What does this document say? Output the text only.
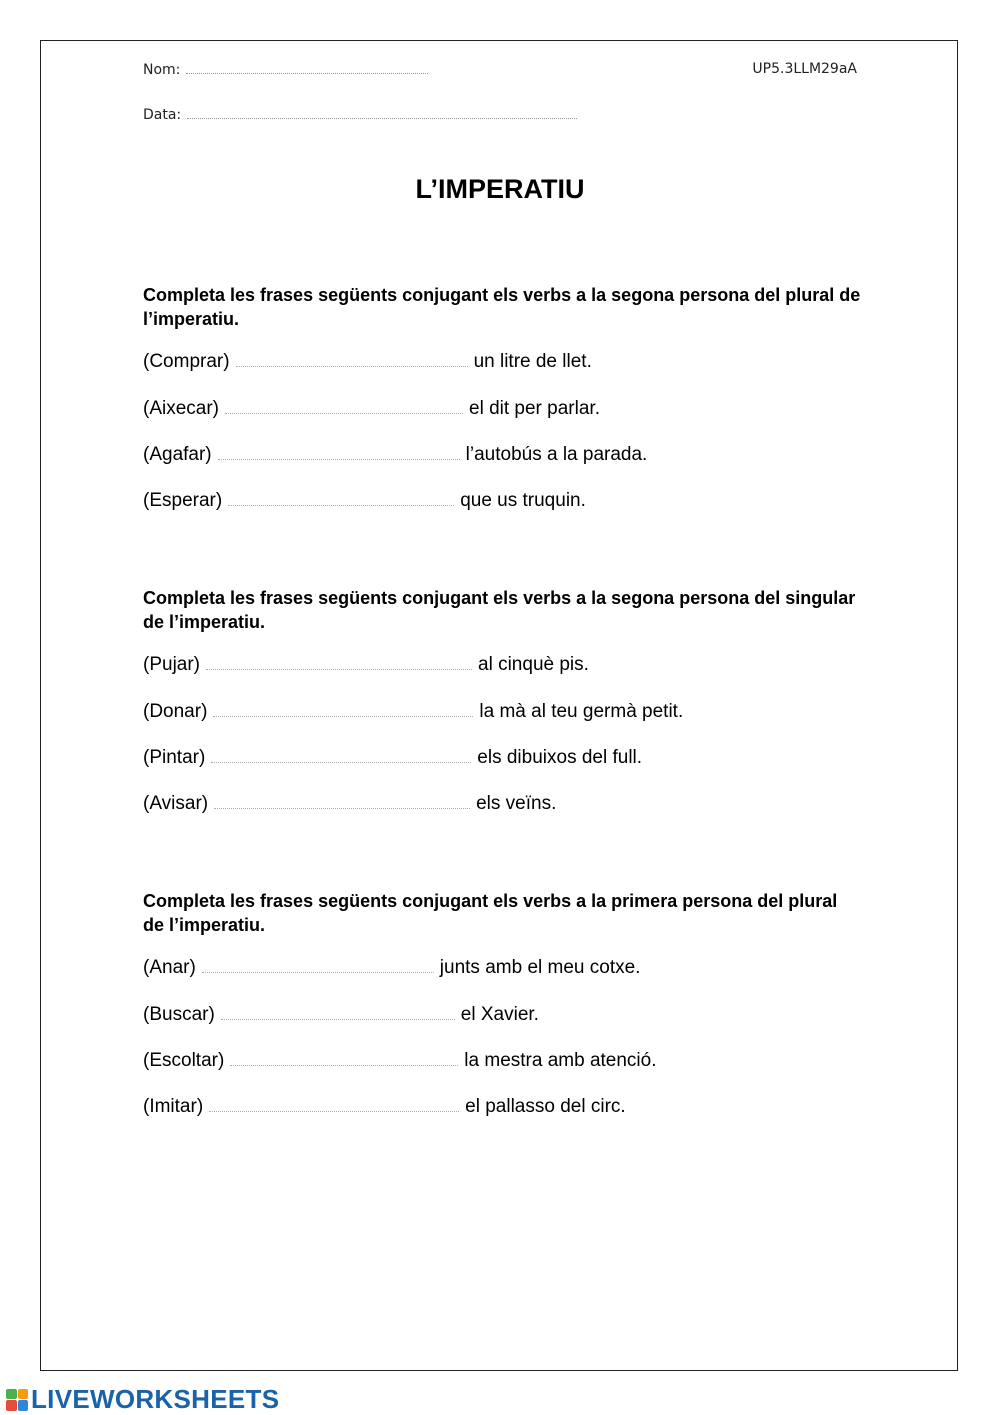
Nom:	UP5.3LLM29aA
Data:
L’IMPERATIU

Completa les frases següents conjugant els verbs a la segona persona del plural de l’imperatiu.

(Comprar)	un litre de llet.
(Aixecar)	el dit per parlar.
(Agafar)	l’autobús a la parada.
(Esperar)	que us truquin.

Completa les frases següents conjugant els verbs a la segona persona del singular de l’imperatiu.

(Pujar)	al cinquè pis.
(Donar)	la mà al teu germà petit.
(Pintar)	els dibuixos del full.
(Avisar)	els veïns.

Completa les frases següents conjugant els verbs a la primera persona del plural de l’imperatiu.

(Anar)	junts amb el meu cotxe.
(Buscar)	el Xavier.
(Escoltar)	la mestra amb atenció.
(Imitar)	el pallasso del circ.
LIVEWORKSHEETS
